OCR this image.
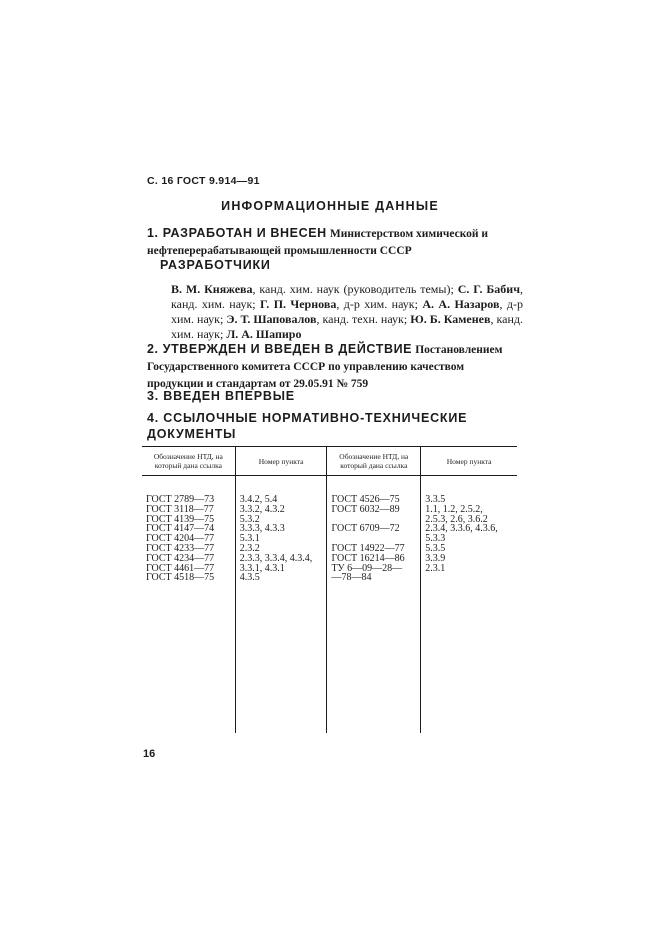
С. 16 ГОСТ 9.914—91
ИНФОРМАЦИОННЫЕ ДАННЫЕ
1. РАЗРАБОТАН И ВНЕСЕН Министерством химической и нефтеперерабатывающей промышленности СССР
РАЗРАБОТЧИКИ
В. М. Княжева, канд. хим. наук (руководитель темы); С. Г. Бабич, канд. хим. наук; Г. П. Чернова, д-р хим. наук; А. А. Назаров, д-р хим. наук; Э. Т. Шаповалов, канд. техн. наук; Ю. Б. Каменев, канд. хим. наук; Л. А. Шапиро
2. УТВЕРЖДЕН И ВВЕДЕН В ДЕЙСТВИЕ Постановлением Государственного комитета СССР по управлению качеством продукции и стандартам от 29.05.91 № 759
3. ВВЕДЕН ВПЕРВЫЕ
4. ССЫЛОЧНЫЕ НОРМАТИВНО-ТЕХНИЧЕСКИЕ ДОКУМЕНТЫ
Обозначение НТД, на который дана ссылка	Номер пункта	Обозначение НТД, на который дана ссылка	Номер пункта
ГОСТ 2789—73	3.4.2, 5.4	ГОСТ 4526—75	3.3.5
ГОСТ 3118—77	3.3.2, 4.3.2	ГОСТ 6032—89	1.1, 1.2, 2.5.2,
ГОСТ 4139—75	5.3.2		2.5.3, 2.6, 3.6.2
ГОСТ 4147—74	3.3.3, 4.3.3	ГОСТ 6709—72	2.3.4, 3.3.6, 4.3.6,
ГОСТ 4204—77	5.3.1		5.3.3
ГОСТ 4233—77	2.3.2	ГОСТ 14922—77	5.3.5
ГОСТ 4234—77	2.3.3, 3.3.4, 4.3.4,	ГОСТ 16214—86	3.3.9
ГОСТ 4461—77	3.3.1, 4.3.1	ТУ 6—09—28—	2.3.1
ГОСТ 4518—75	4.3.5	—78—84	

16
